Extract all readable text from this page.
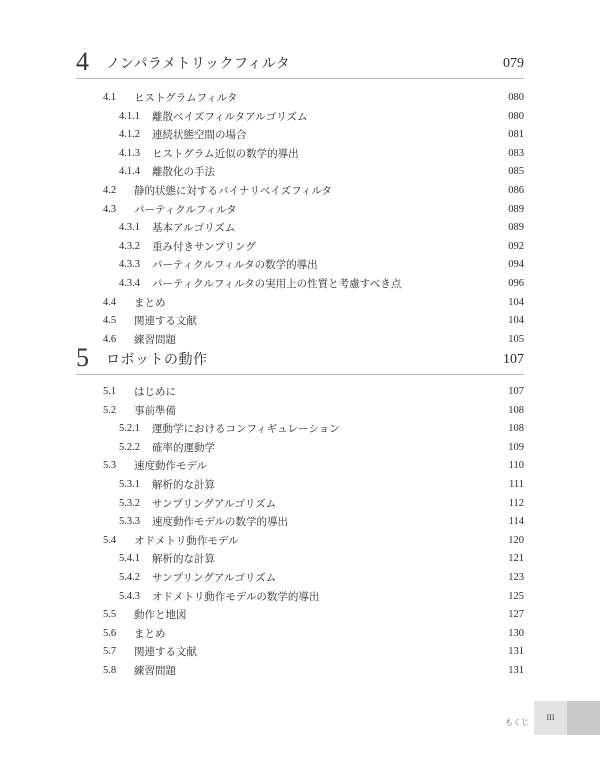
4 ノンパラメトリックフィルタ	079
4.1 ヒストグラムフィルタ	080
4.1.1 離散ベイズフィルタアルゴリズム	080
4.1.2 連続状態空間の場合	081
4.1.3 ヒストグラム近似の数学的導出	083
4.1.4 離散化の手法	085
4.2 静的状態に対するバイナリベイズフィルタ	086
4.3 パーティクルフィルタ	089
4.3.1 基本アルゴリズム	089
4.3.2 重み付きサンプリング	092
4.3.3 パーティクルフィルタの数学的導出	094
4.3.4 パーティクルフィルタの実用上の性質と考慮すべき点	096
4.4 まとめ	104
4.5 関連する文献	104
4.6 練習問題	105
5 ロボットの動作	107
5.1 はじめに	107
5.2 事前準備	108
5.2.1 運動学におけるコンフィギュレーション	108
5.2.2 確率的運動学	109
5.3 速度動作モデル	110
5.3.1 解析的な計算	111
5.3.2 サンプリングアルゴリズム	112
5.3.3 速度動作モデルの数学的導出	114
5.4 オドメトリ動作モデル	120
5.4.1 解析的な計算	121
5.4.2 サンプリングアルゴリズム	123
5.4.3 オドメトリ動作モデルの数学的導出	125
5.5 動作と地図	127
5.6 まとめ	130
5.7 関連する文献	131
5.8 練習問題	131
もくじ
III
